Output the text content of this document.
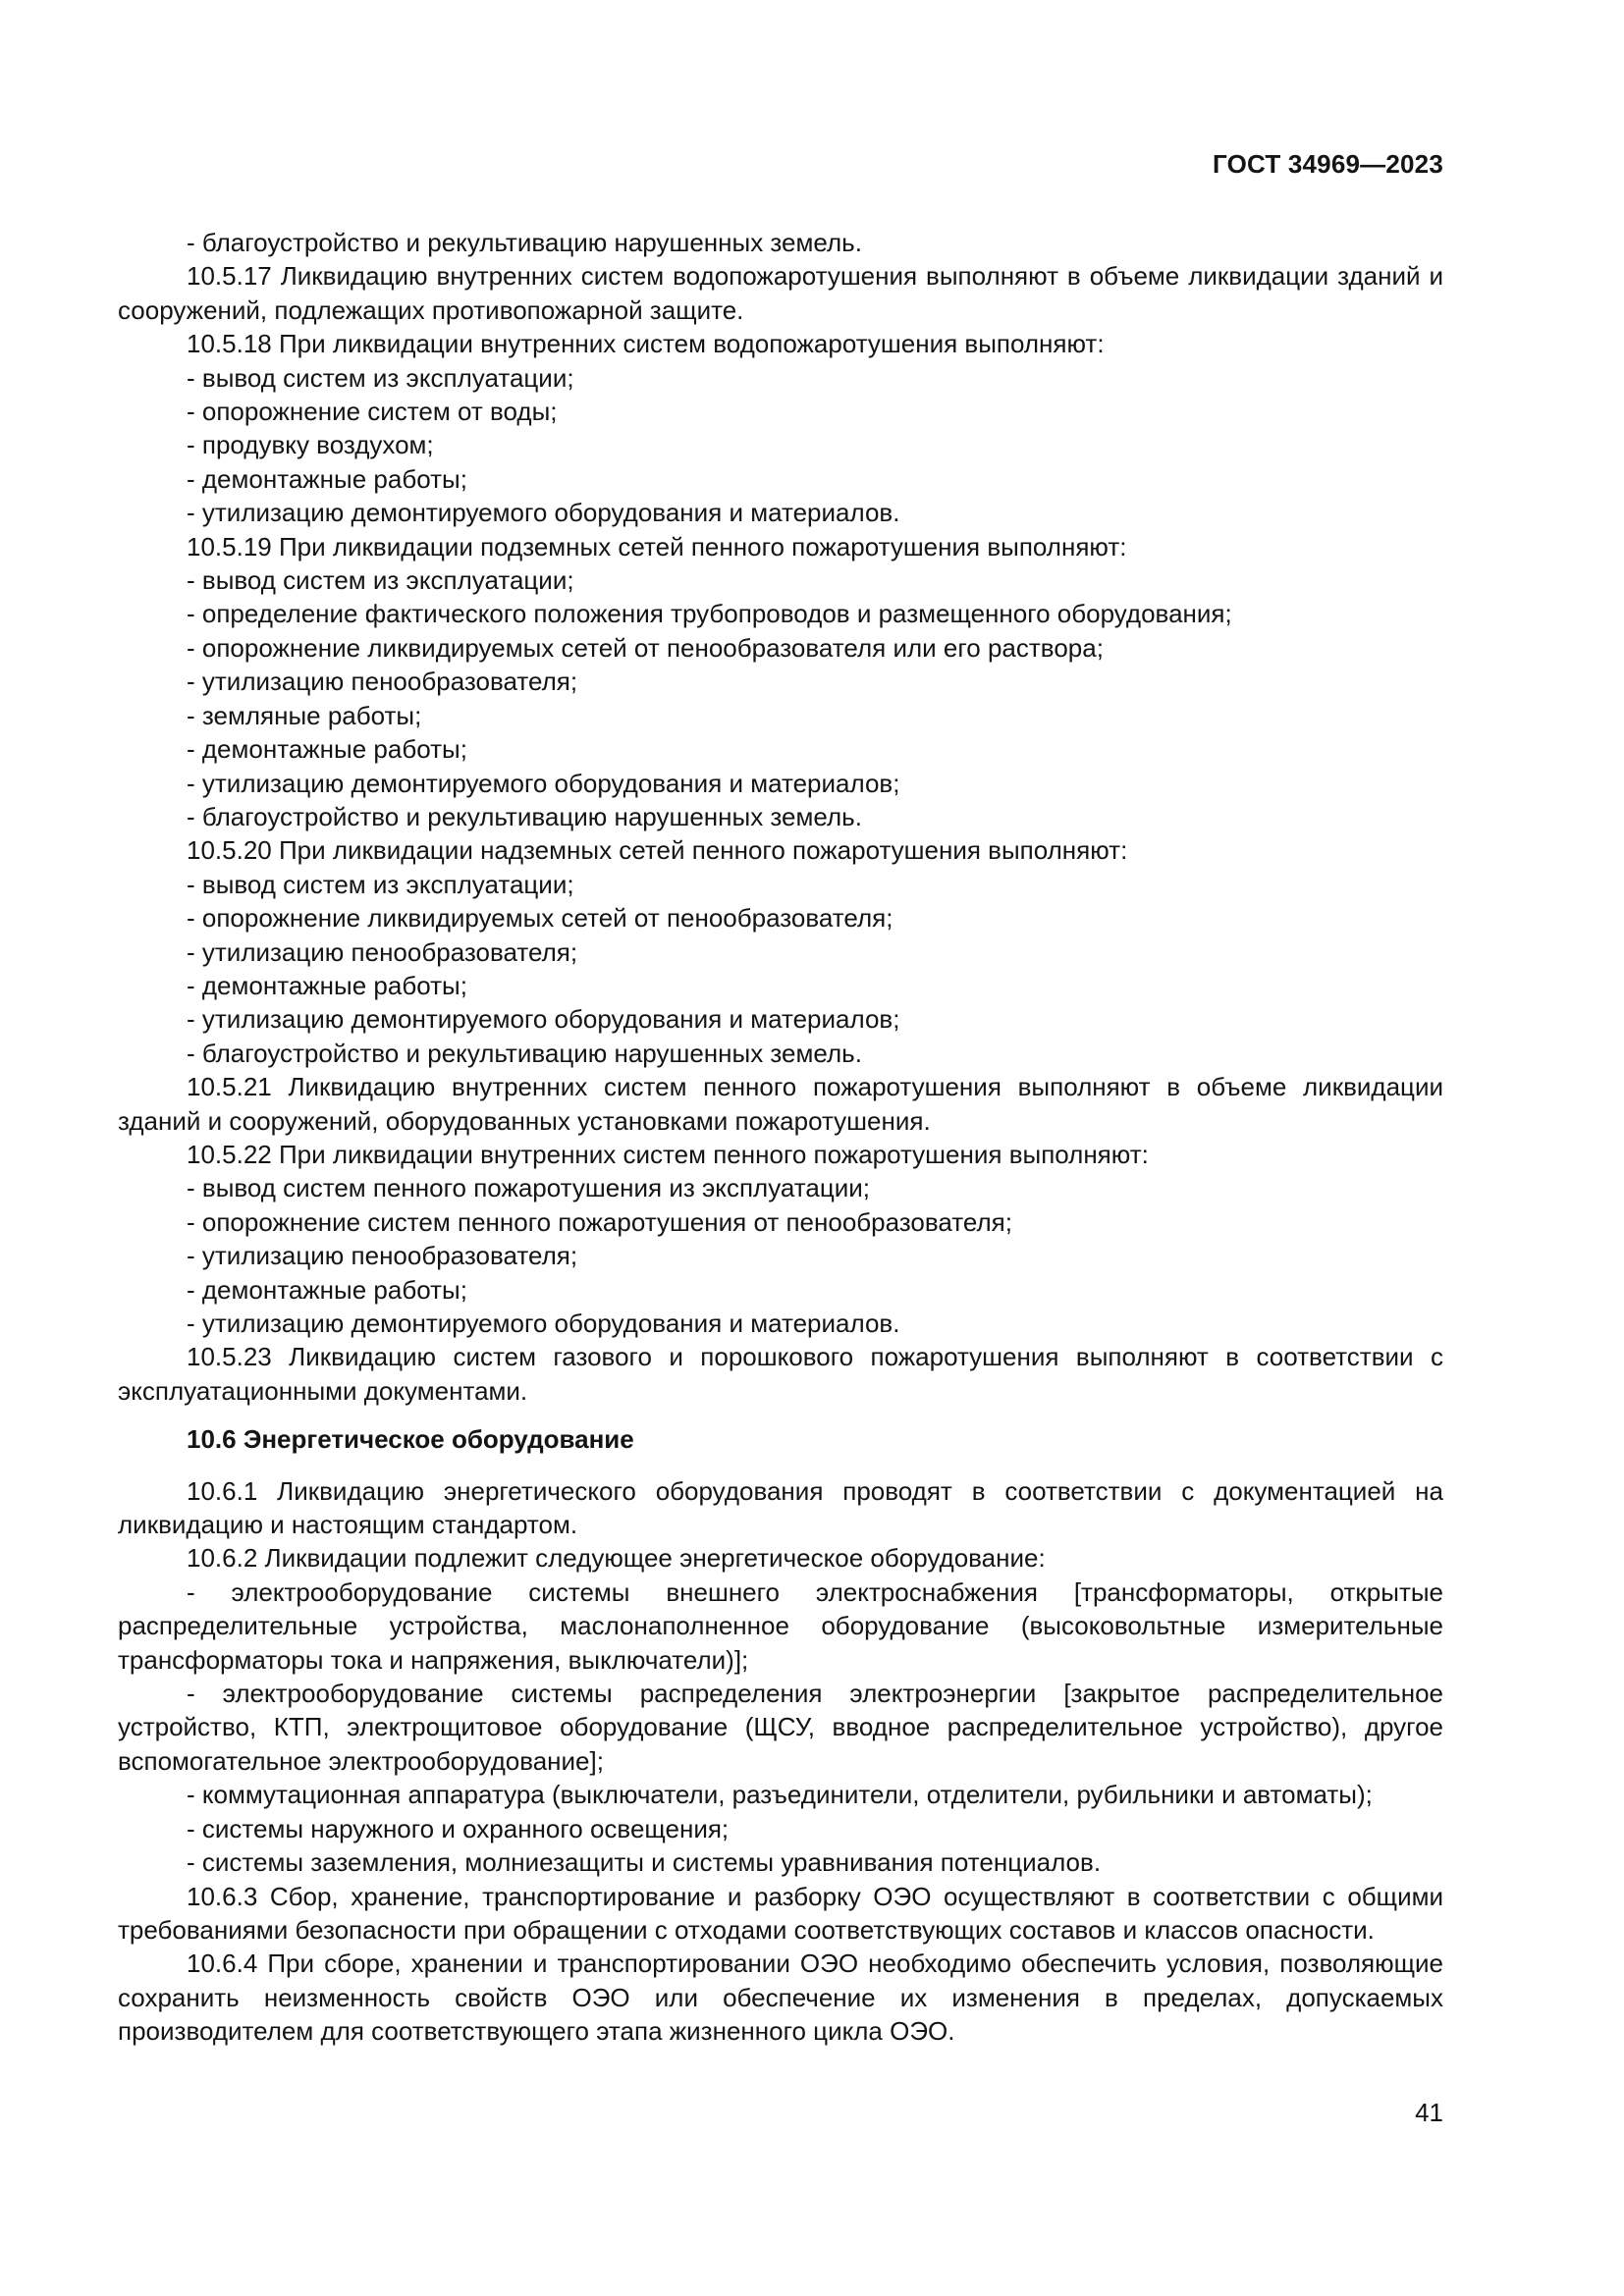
ГОСТ 34969—2023

- благоустройство и рекультивацию нарушенных земель.

10.5.17 Ликвидацию внутренних систем водопожаротушения выполняют в объеме ликвидации зданий и сооружений, подлежащих противопожарной защите.

10.5.18 При ликвидации внутренних систем водопожаротушения выполняют:

- вывод систем из эксплуатации;

- опорожнение систем от воды;

- продувку воздухом;

- демонтажные работы;

- утилизацию демонтируемого оборудования и материалов.

10.5.19 При ликвидации подземных сетей пенного пожаротушения выполняют:

- вывод систем из эксплуатации;

- определение фактического положения трубопроводов и размещенного оборудования;

- опорожнение ликвидируемых сетей от пенообразователя или его раствора;

- утилизацию пенообразователя;

- земляные работы;

- демонтажные работы;

- утилизацию демонтируемого оборудования и материалов;

- благоустройство и рекультивацию нарушенных земель.

10.5.20 При ликвидации надземных сетей пенного пожаротушения выполняют:

- вывод систем из эксплуатации;

- опорожнение ликвидируемых сетей от пенообразователя;

- утилизацию пенообразователя;

- демонтажные работы;

- утилизацию демонтируемого оборудования и материалов;

- благоустройство и рекультивацию нарушенных земель.

10.5.21 Ликвидацию внутренних систем пенного пожаротушения выполняют в объеме ликвидации зданий и сооружений, оборудованных установками пожаротушения.

10.5.22 При ликвидации внутренних систем пенного пожаротушения выполняют:

- вывод систем пенного пожаротушения из эксплуатации;

- опорожнение систем пенного пожаротушения от пенообразователя;

- утилизацию пенообразователя;

- демонтажные работы;

- утилизацию демонтируемого оборудования и материалов.

10.5.23 Ликвидацию систем газового и порошкового пожаротушения выполняют в соответствии с эксплуатационными документами.

10.6 Энергетическое оборудование

10.6.1 Ликвидацию энергетического оборудования проводят в соответствии с документацией на ликвидацию и настоящим стандартом.

10.6.2 Ликвидации подлежит следующее энергетическое оборудование:

- электрооборудование системы внешнего электроснабжения [трансформаторы, открытые распределительные устройства, маслонаполненное оборудование (высоковольтные измерительные трансформаторы тока и напряжения, выключатели)];

- электрооборудование системы распределения электроэнергии [закрытое распределительное устройство, КТП, электрощитовое оборудование (ЩСУ, вводное распределительное устройство), другое вспомогательное электрооборудование];

- коммутационная аппаратура (выключатели, разъединители, отделители, рубильники и автоматы);

- системы наружного и охранного освещения;

- системы заземления, молниезащиты и системы уравнивания потенциалов.

10.6.3 Сбор, хранение, транспортирование и разборку ОЭО осуществляют в соответствии с общими требованиями безопасности при обращении с отходами соответствующих составов и классов опасности.

10.6.4 При сборе, хранении и транспортировании ОЭО необходимо обеспечить условия, позволяющие сохранить неизменность свойств ОЭО или обеспечение их изменения в пределах, допускаемых производителем для соответствующего этапа жизненного цикла ОЭО.

41
